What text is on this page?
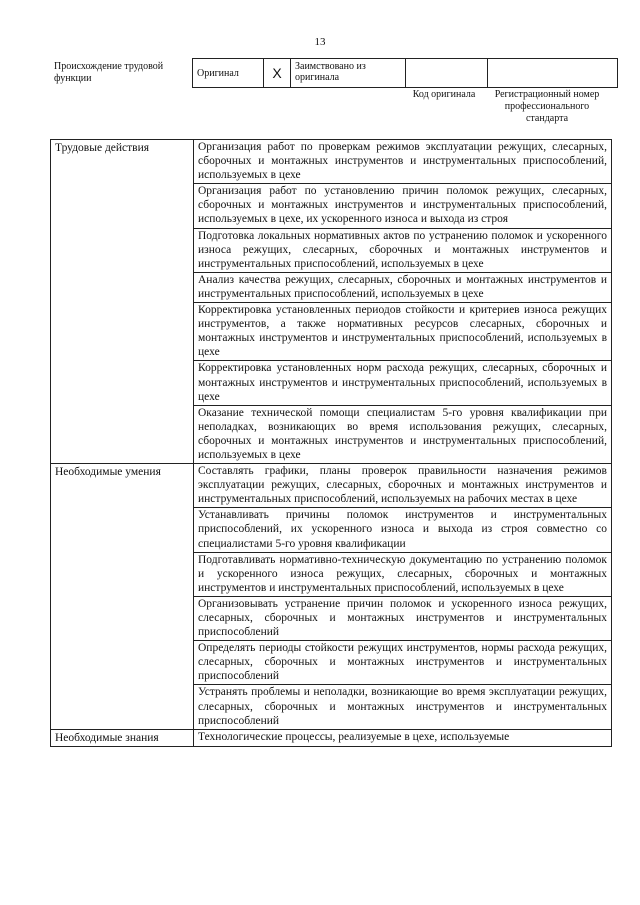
13
Происхождение трудовой функции	Оригинал	X	Заимствовано из оригинала		
Код оригинала	Регистрационный номер профессионального стандарта
Трудовые действия	Организация работ по проверкам режимов эксплуатации режущих, слесарных, сборочных и монтажных инструментов и инструментальных приспособлений, используемых в цехе
	Организация работ по установлению причин поломок режущих, слесарных, сборочных и монтажных инструментов и инструментальных приспособлений, используемых в цехе, их ускоренного износа и выхода из строя
	Подготовка локальных нормативных актов по устранению поломок и ускоренного износа режущих, слесарных, сборочных и монтажных инструментов и инструментальных приспособлений, используемых в цехе
	Анализ качества режущих, слесарных, сборочных и монтажных инструментов и инструментальных приспособлений, используемых в цехе
	Корректировка установленных периодов стойкости и критериев износа режущих инструментов, а также нормативных ресурсов слесарных, сборочных и монтажных инструментов и инструментальных приспособлений, используемых в цехе
	Корректировка установленных норм расхода режущих, слесарных, сборочных и монтажных инструментов и инструментальных приспособлений, используемых в цехе
	Оказание технической помощи специалистам 5-го уровня квалификации при неполадках, возникающих во время использования режущих, слесарных, сборочных и монтажных инструментов и инструментальных приспособлений, используемых в цехе
Необходимые умения	Составлять графики, планы проверок правильности назначения режимов эксплуатации режущих, слесарных, сборочных и монтажных инструментов и инструментальных приспособлений, используемых на рабочих местах в цехе
	Устанавливать причины поломок инструментов и инструментальных приспособлений, их ускоренного износа и выхода из строя совместно со специалистами 5-го уровня квалификации
	Подготавливать нормативно-техническую документацию по устранению поломок и ускоренного износа режущих, слесарных, сборочных и монтажных инструментов и инструментальных приспособлений, используемых в цехе
	Организовывать устранение причин поломок и ускоренного износа режущих, слесарных, сборочных и монтажных инструментов и инструментальных приспособлений
	Определять периоды стойкости режущих инструментов, нормы расхода режущих, слесарных, сборочных и монтажных инструментов и инструментальных приспособлений
	Устранять проблемы и неполадки, возникающие во время эксплуатации режущих, слесарных, сборочных и монтажных инструментов и инструментальных приспособлений
Необходимые знания	Технологические процессы, реализуемые в цехе, используемые
